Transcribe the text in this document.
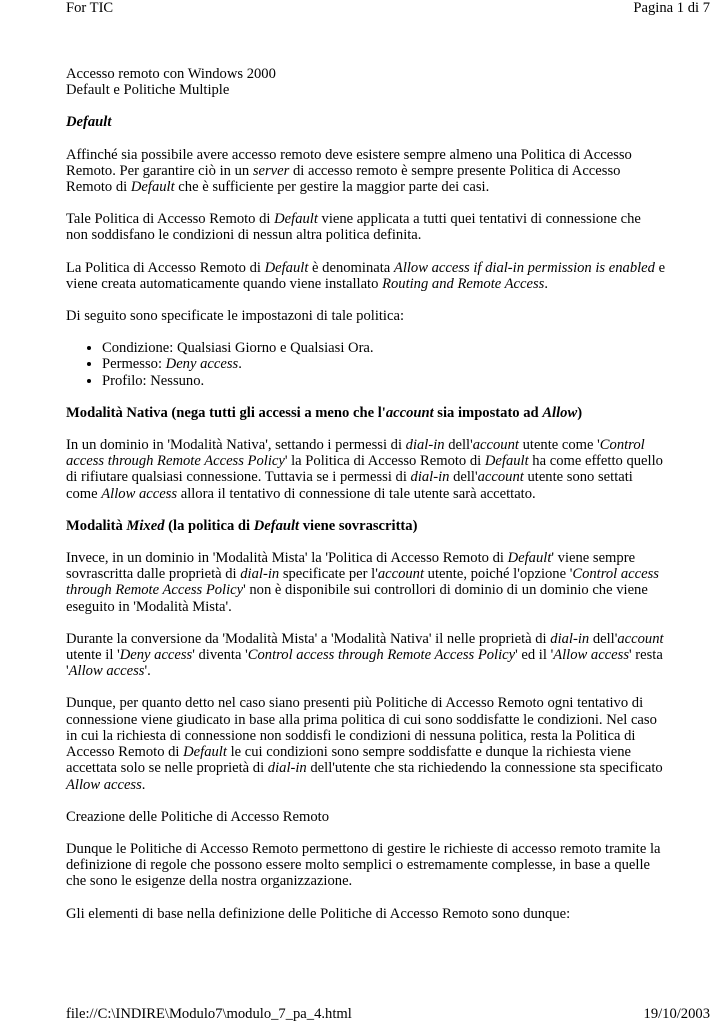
For TIC	Pagina 1 di 7
Accesso remoto con Windows 2000
Default e Politiche Multiple

Default

Affinché sia possibile avere accesso remoto deve esistere sempre almeno una Politica di Accesso Remoto. Per garantire ciò in un server di accesso remoto è sempre presente Politica di Accesso Remoto di Default che è sufficiente per gestire la maggior parte dei casi.

Tale Politica di Accesso Remoto di Default viene applicata a tutti quei tentativi di connessione che non soddisfano le condizioni di nessun altra politica definita.

La Politica di Accesso Remoto di Default è denominata Allow access if dial-in permission is enabled e viene creata automaticamente quando viene installato Routing and Remote Access.

Di seguito sono specificate le impostazoni di tale politica:

• Condizione: Qualsiasi Giorno e Qualsiasi Ora.
• Permesso: Deny access.
• Profilo: Nessuno.

Modalità Nativa (nega tutti gli accessi a meno che l'account sia impostato ad Allow)

In un dominio in 'Modalità Nativa', settando i permessi di dial-in dell'account utente come 'Control access through Remote Access Policy' la Politica di Accesso Remoto di Default ha come effetto quello di rifiutare qualsiasi connessione. Tuttavia se i permessi di dial-in dell'account utente sono settati come Allow access allora il tentativo di connessione di tale utente sarà accettato.

Modalità Mixed (la politica di Default viene sovrascritta)

Invece, in un dominio in 'Modalità Mista' la 'Politica di Accesso Remoto di Default' viene sempre sovrascritta dalle proprietà di dial-in specificate per l'account utente, poiché l'opzione 'Control access through Remote Access Policy' non è disponibile sui controllori di dominio di un dominio che viene eseguito in 'Modalità Mista'.

Durante la conversione da 'Modalità Mista' a 'Modalità Nativa' il nelle proprietà di dial-in dell'account utente il 'Deny access' diventa 'Control access through Remote Access Policy' ed il 'Allow access' resta 'Allow access'.

Dunque, per quanto detto nel caso siano presenti più Politiche di Accesso Remoto ogni tentativo di connessione viene giudicato in base alla prima politica di cui sono soddisfatte le condizioni. Nel caso in cui la richiesta di connessione non soddisfi le condizioni di nessuna politica, resta la Politica di Accesso Remoto di Default le cui condizioni sono sempre soddisfatte e dunque la richiesta viene accettata solo se nelle proprietà di dial-in dell'utente che sta richiedendo la connessione sta specificato Allow access.

Creazione delle Politiche di Accesso Remoto

Dunque le Politiche di Accesso Remoto permettono di gestire le richieste di accesso remoto tramite la definizione di regole che possono essere molto semplici o estremamente complesse, in base a quelle che sono le esigenze della nostra organizzazione.

Gli elementi di base nella definizione delle Politiche di Accesso Remoto sono dunque:

file://C:\INDIRE\Modulo7\modulo_7_pa_4.html	19/10/2003
